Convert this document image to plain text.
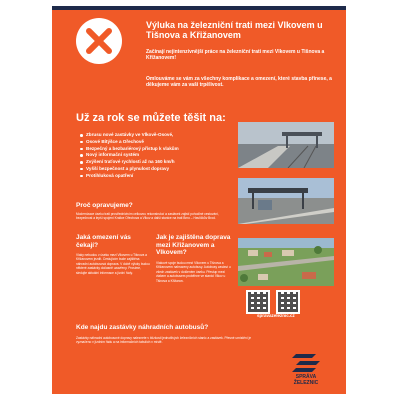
Výluka na železniční trati mezi Vlkovem u Tišnova a Křižanovem
Začínají nejintenzivnější práce na železniční trati mezi Vlkovem u Tišnova a Křižanovem!
Omlouváme se vám za všechny komplikace a omezení, které stavba přinese, a děkujeme vám za vaši trpělivost.
Už za rok se můžete těšit na:
Zbrusu nové zastávky ve Vlkově-Osové,
Osové Bítýšce a Ořechově
Bezpečný a bezbariérový přístup k vlakům
Nový informační systém
Zvýšení traťové rychlosti až na 160 km/h
Vyšší bezpečnost a plynulost dopravy
Protihluková opatření
Proč opravujeme?
Modernizace úseku trati prostřednictvím celkovou rekonstrukcí a zastávek zajistí pohodlné cestování, bezpečnost a lepší spojení Kralice Ořechova a Vlkov a další stanice na trati Brno – Havlíčkův Brod.
Jaká omezení vás čekají?
Vlaky nebudou v úseku mezi Vlkovem u Tišnova a Křižanovem jezdit. Cestujícím bude zajištěna náhradní autobusová doprava. V době výluky budou některé zastávky dočasně uzavřeny. Prosíme, sledujte aktuální informace a jízdní řády.
Jak je zajištěna doprava mezi Křižanovem a Vlkovem?
Vlakové spoje budou mezi Vlkovem u Tišnova a Křižanovem nahrazeny autobusy. Autobusy zastaví u všech zastávek v dotčeném úseku. Přestup mezi vlakem a autobusem proběhne ve stanici Vlkov u Tišnova a Křižanov.
spravazeleznic.cz
Kde najdu zastávky náhradních autobusů?
Zastávky náhradní autobusové dopravy naleznete v blízkosti jednotlivých železničních stanic a zastávek. Přesné umístění je vyznačeno v jízdním řádu a na informačních tabulích v místě.
SPRÁVA
ŽELEZNIC
